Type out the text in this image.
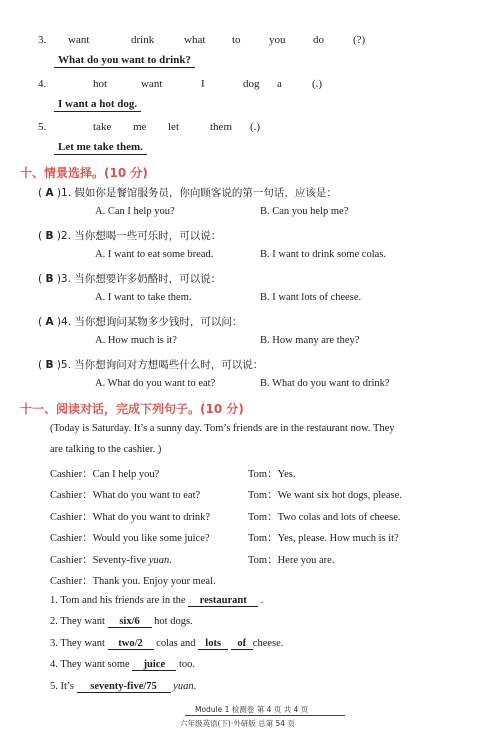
3. want	drink	what to	you	do	(?)
What do you want to drink?
4.	hot	want	I	dog a	(.)
I want a hot dog.
5.	take me let	them (.)
Let me take them.
十、情景选择。(10 分)
( A )1. 假如你是餐馆服务员，你向顾客说的第一句话，应该是：
A. Can I help you?	B. Can you help me?
( B )2. 当你想喝一些可乐时，可以说：
A. I want to eat some bread.	B. I want to drink some colas.
( B )3. 当你想要许多奶酪时，可以说：
A. I want to take them.	B. I want lots of cheese.
( A )4. 当你想询问某物多少钱时，可以问：
A. How much is it?	B. How many are they?
( B )5. 当你想询问对方想喝些什么时，可以说：
A. What do you want to eat?	B. What do you want to drink?
十一、阅读对话，完成下列句子。(10 分)
(Today is Saturday. It’s a sunny day. Tom’s friends are in the restaurant now. They
are talking to the cashier. )
Cashier：Can I help you?	Tom：Yes.
Cashier：What do you want to eat?	Tom：We want six hot dogs, please.
Cashier：What do you want to drink?	Tom：Two colas and lots of cheese.
Cashier：Would you like some juice?	Tom：Yes, please. How much is it?
Cashier：Seventy-five yuan.	Tom：Here you are.
Cashier：Thank you. Enjoy your meal.
1. Tom and his friends are in the restaurant .
2. They want six/6 hot dogs.
3. They want two/2 colas and lots of cheese.
4. They want some juice too.
5. It’s seventy-five/75 yuan.
Module 1 检测卷 第 4 页 共 4 页
六年级英语(下)·外研版 总第 54 页
